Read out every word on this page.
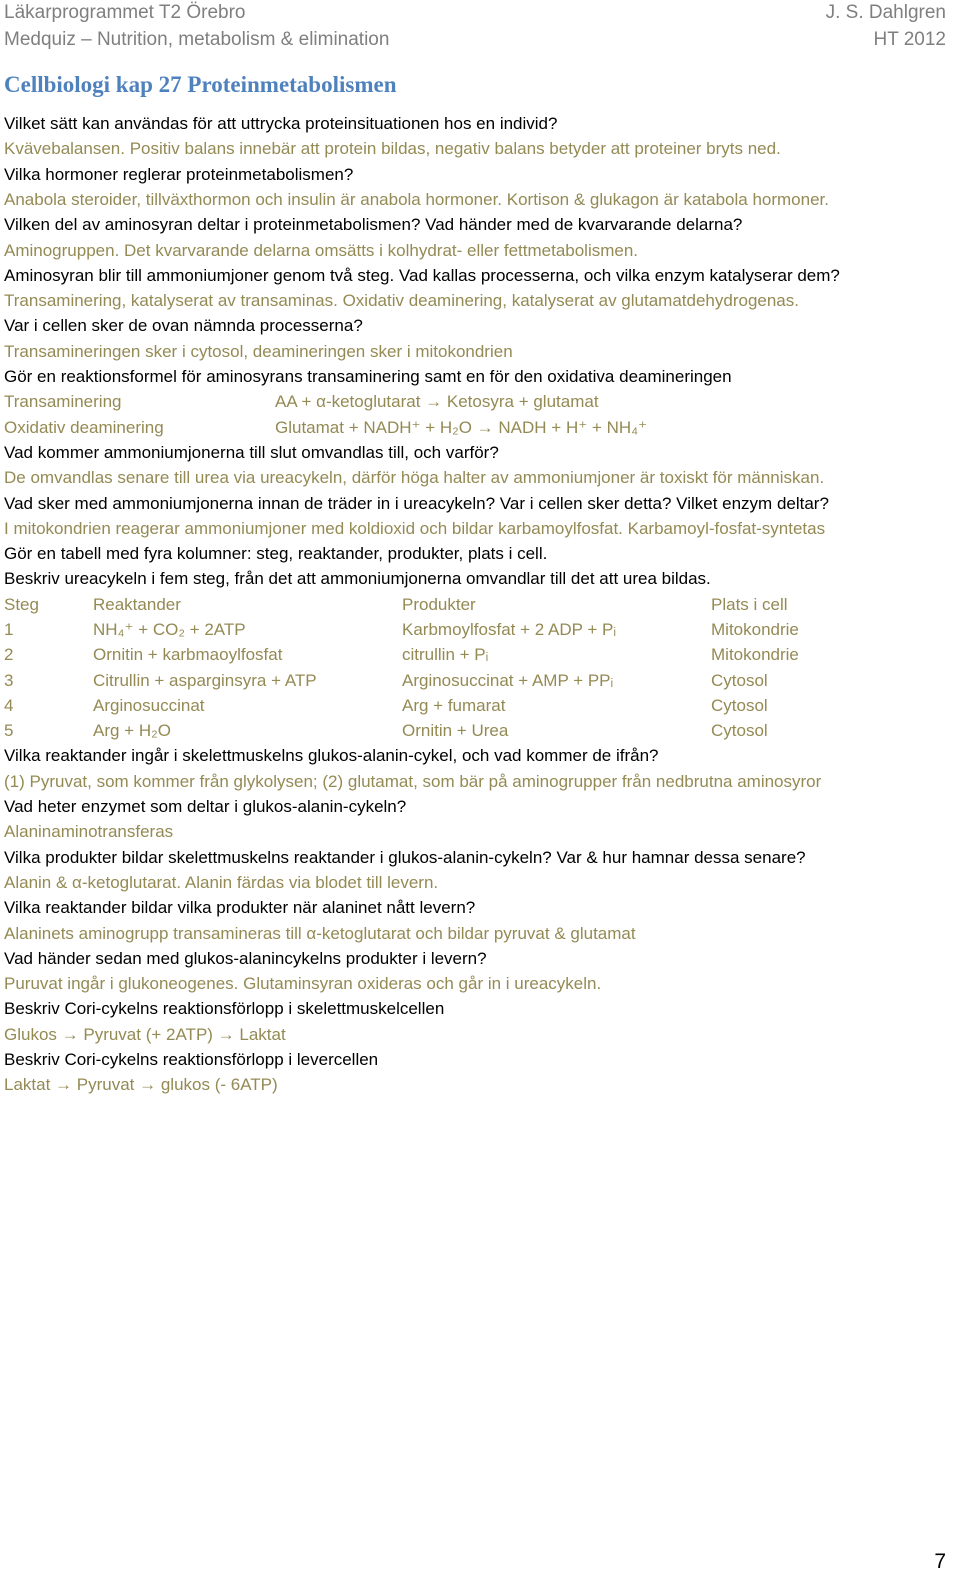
Läkarprogrammet T2 Örebro	J. S. Dahlgren
Medquiz – Nutrition, metabolism & elimination	HT 2012
Cellbiologi kap 27 Proteinmetabolismen
Vilket sätt kan användas för att uttrycka proteinsituationen hos en individ?
Kvävebalansen. Positiv balans innebär att protein bildas, negativ balans betyder att proteiner bryts ned.
Vilka hormoner reglerar proteinmetabolismen?
Anabola steroider, tillväxthormon och insulin är anabola hormoner. Kortison & glukagon är katabola hormoner.
Vilken del av aminosyran deltar i proteinmetabolismen? Vad händer med de kvarvarande delarna?
Aminogruppen. Det kvarvarande delarna omsätts i kolhydrat- eller fettmetabolismen.
Aminosyran blir till ammoniumjoner genom två steg. Vad kallas processerna, och vilka enzym katalyserar dem?
Transaminering, katalyserat av transaminas. Oxidativ deaminering, katalyserat av glutamatdehydrogenas.
Var i cellen sker de ovan nämnda processerna?
Transamineringen sker i cytosol, deamineringen sker i mitokondrien
Gör en reaktionsformel för aminosyrans transaminering samt en för den oxidativa deamineringen
Transaminering	AA + α-ketoglutarat → Ketosyra + glutamat
Oxidativ deaminering	Glutamat + NADH⁺ + H₂O → NADH + H⁺ + NH₄⁺
Vad kommer ammoniumjonerna till slut omvandlas till, och varför?
De omvandlas senare till urea via ureacykeln, därför höga halter av ammoniumjoner är toxiskt för människan.
Vad sker med ammoniumjonerna innan de träder in i ureacykeln? Var i cellen sker detta? Vilket enzym deltar?
I mitokondrien reagerar ammoniumjoner med koldioxid och bildar karbamoylfosfat. Karbamoyl-fosfat-syntetas
Gör en tabell med fyra kolumner: steg, reaktander, produkter, plats i cell.
Beskriv ureacykeln i fem steg, från det att ammoniumjonerna omvandlar till det att urea bildas.
Steg	Reaktander	Produkter	Plats i cell
1	NH₄⁺ + CO₂ + 2ATP	Karbmoylfosfat + 2 ADP + Pᵢ	Mitokondrie
2	Ornitin + karbmaoylfosfat	citrullin + Pᵢ	Mitokondrie
3	Citrullin + asparginsyra + ATP	Arginosuccinat + AMP + PPᵢ	Cytosol
4	Arginosuccinat	Arg + fumarat	Cytosol
5	Arg + H₂O	Ornitin + Urea	Cytosol
Vilka reaktander ingår i skelettmuskelns glukos-alanin-cykel, och vad kommer de ifrån?
(1) Pyruvat, som kommer från glykolysen; (2) glutamat, som bär på aminogrupper från nedbrutna aminosyror
Vad heter enzymet som deltar i glukos-alanin-cykeln?
Alaninaminotransferas
Vilka produkter bildar skelettmuskelns reaktander i glukos-alanin-cykeln? Var & hur hamnar dessa senare?
Alanin & α-ketoglutarat. Alanin färdas via blodet till levern.
Vilka reaktander bildar vilka produkter när alaninet nått levern?
Alaninets aminogrupp transamineras till α-ketoglutarat och bildar pyruvat & glutamat
Vad händer sedan med glukos-alanincykelns produkter i levern?
Puruvat ingår i glukoneogenes. Glutaminsyran oxideras och går in i ureacykeln.
Beskriv Cori-cykelns reaktionsförlopp i skelettmuskelcellen
Glukos → Pyruvat (+ 2ATP) → Laktat
Beskriv Cori-cykelns reaktionsförlopp i levercellen
Laktat → Pyruvat → glukos (- 6ATP)
7
